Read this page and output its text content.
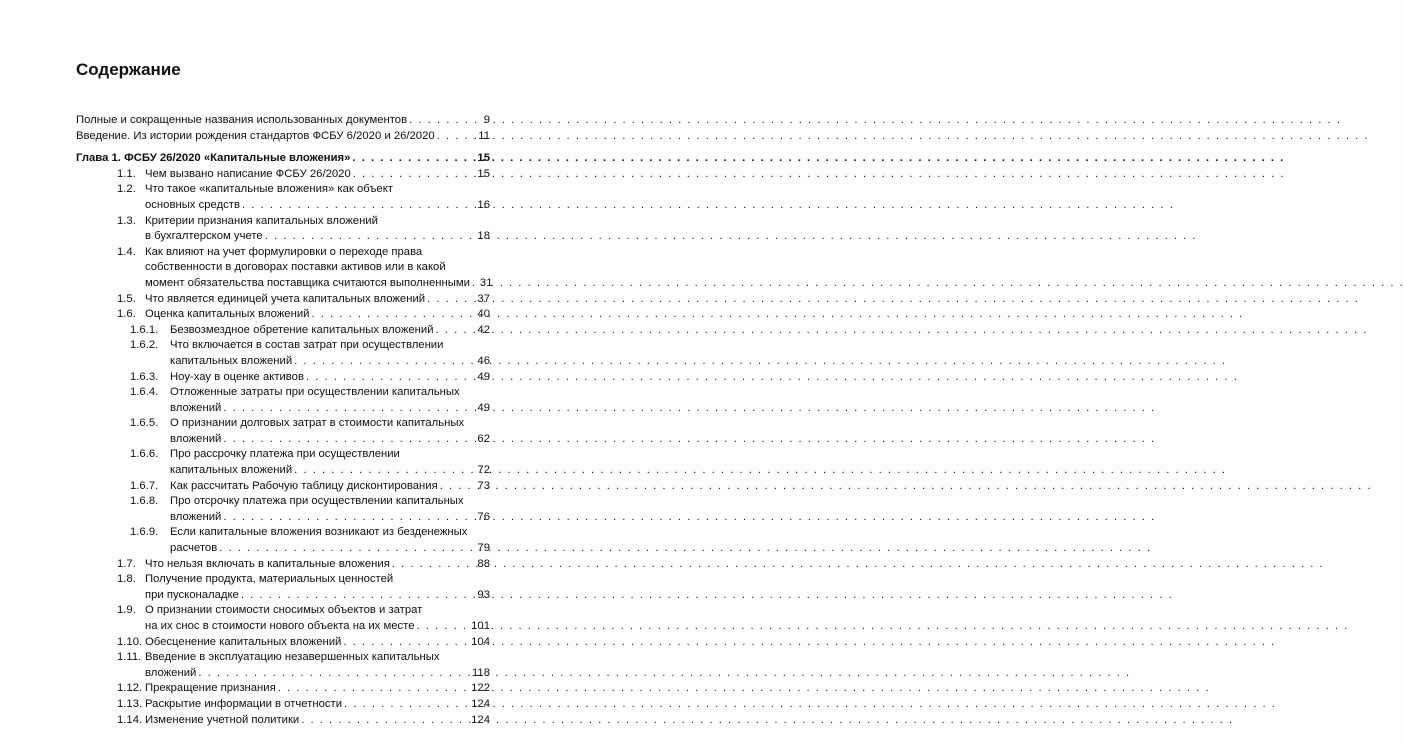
Содержание
Полные и сокращенные названия использованных документов . . .	9
Введение. Из истории рождения стандартов ФСБУ 6/2020 и 26/2020 . . .	11
Глава 1. ФСБУ 26/2020 «Капитальные вложения» . . .	15
1.1. Чем вызвано написание ФСБУ 26/2020 . . .	15
1.2. Что такое «капитальные вложения» как объект
основных средств . . .	16
1.3. Критерии признания капитальных вложений
в бухгалтерском учете . . .	18
1.4. Как влияют на учет формулировки о переходе права
собственности в договорах поставки активов или в какой
момент обязательства поставщика считаются выполненными . . . 31
1.5. Что является единицей учета капитальных вложений . . .	37
1.6. Оценка капитальных вложений . . .	40
1.6.1.	Безвозмездное обретение капитальных вложений . . .	42
1.6.2.	Что включается в состав затрат при осуществлении
капитальных вложений . . .	46
1.6.3.	Ноу-хау в оценке активов . . .	49
1.6.4.	Отложенные затраты при осуществлении капитальных
вложений . . .	49
1.6.5.	О признании долговых затрат в стоимости капитальных
вложений . . .	62
1.6.6.	Про рассрочку платежа при осуществлении
капитальных вложений . . .	72
1.6.7.	Как рассчитать Рабочую таблицу дисконтирования . . .	73
1.6.8.	Про отсрочку платежа при осуществлении капитальных
вложений . . .	76
1.6.9.	Если капитальные вложения возникают из безденежных
расчетов . . .	79
1.7. Что нельзя включать в капитальные вложения . . .	88
1.8. Получение продукта, материальных ценностей
при пусконаладке . . .	93
1.9. О признании стоимости сносимых объектов и затрат
на их снос в стоимости нового объекта на их месте . . .	101
1.10. Обесценение капитальных вложений . . .	104
1.11. Введение в эксплуатацию незавершенных капитальных
вложений . . .	118
1.12. Прекращение признания . . .	122
1.13. Раскрытие информации в отчетности . . .	124
1.14. Изменение учетной политики . . .	124
